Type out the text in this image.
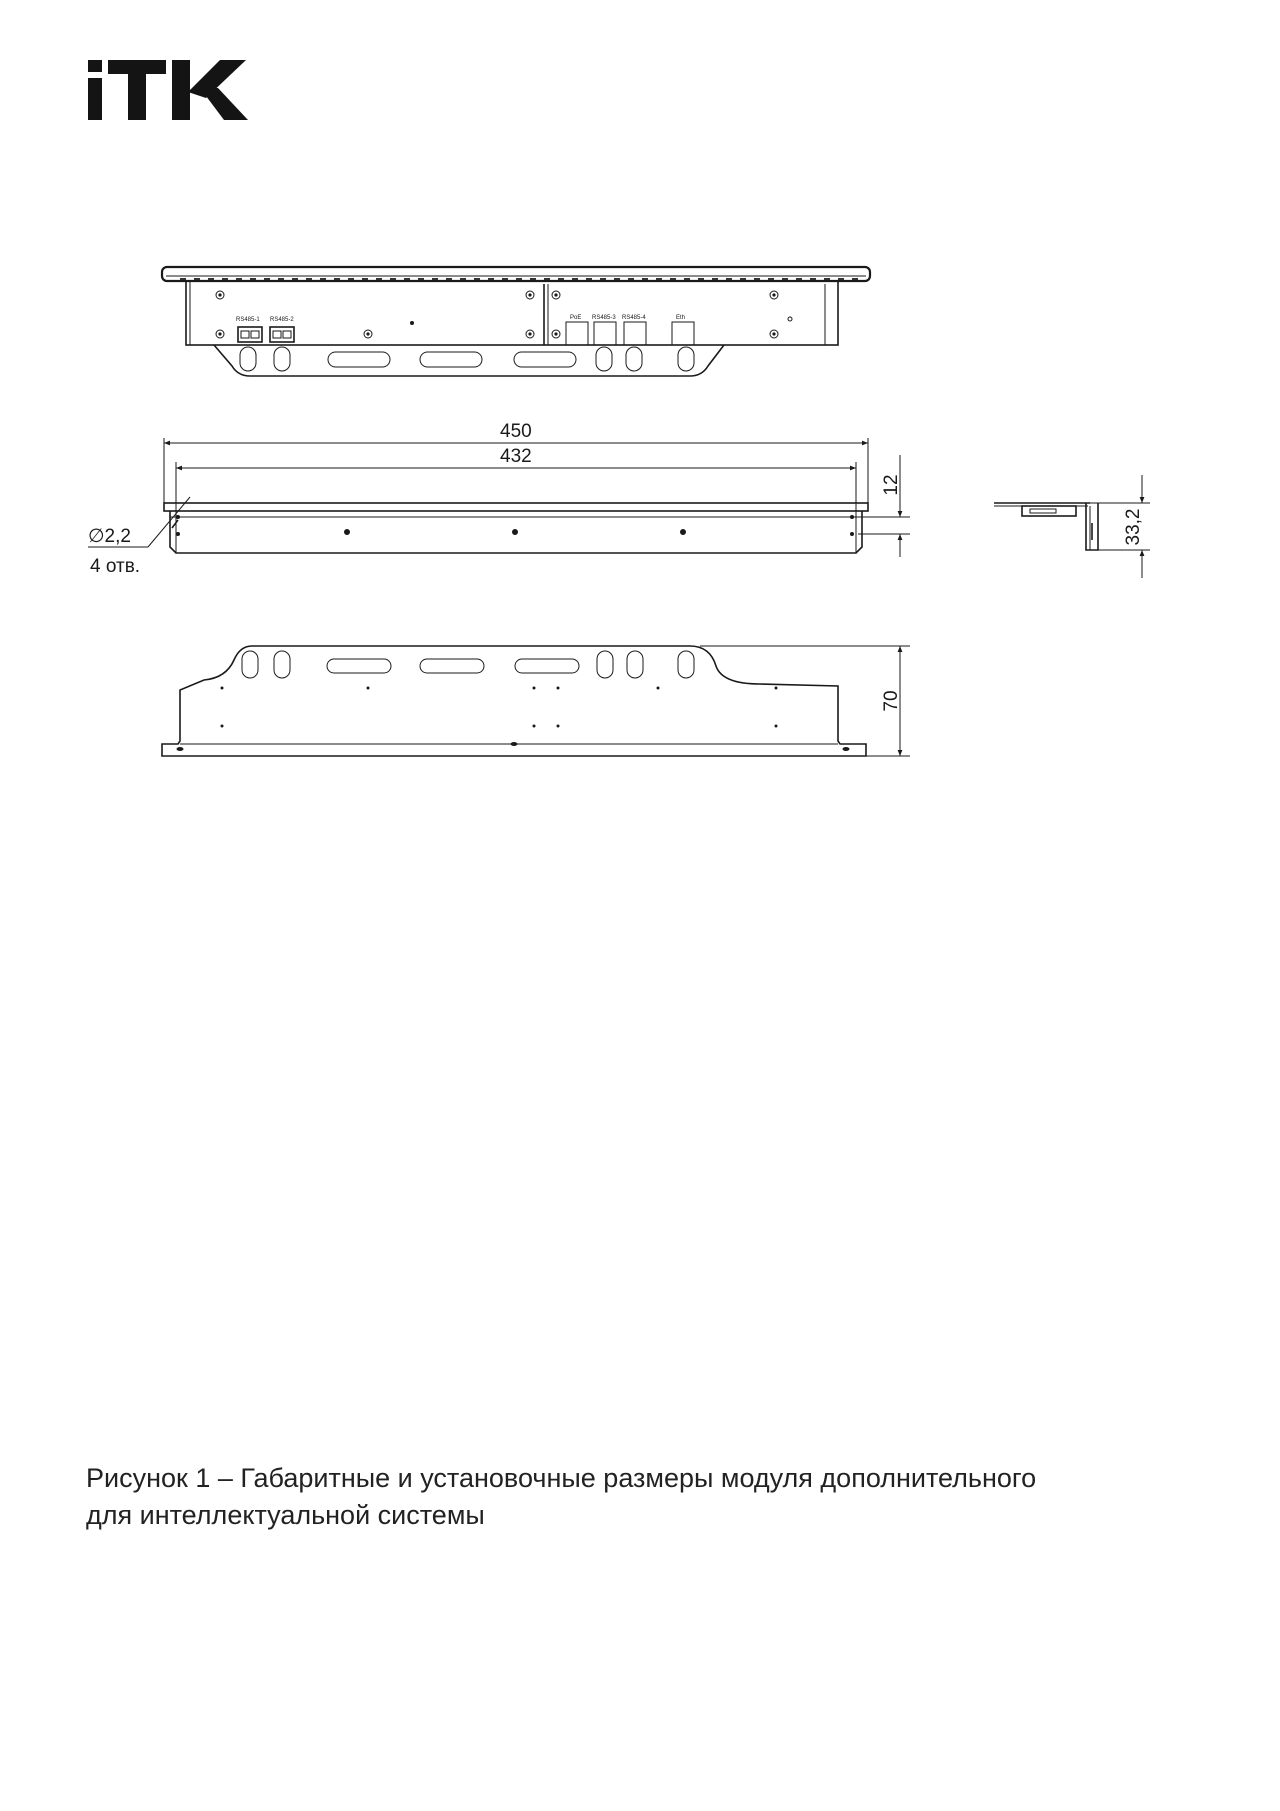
RS485-1 RS485-2	PoE RS485-3 RS485-4	Eth
450
432
12
∅2,2
4 отв.
33,2
70
Рисунок 1 – Габаритные и установочные размеры модуля дополнительного
для интеллектуальной системы
